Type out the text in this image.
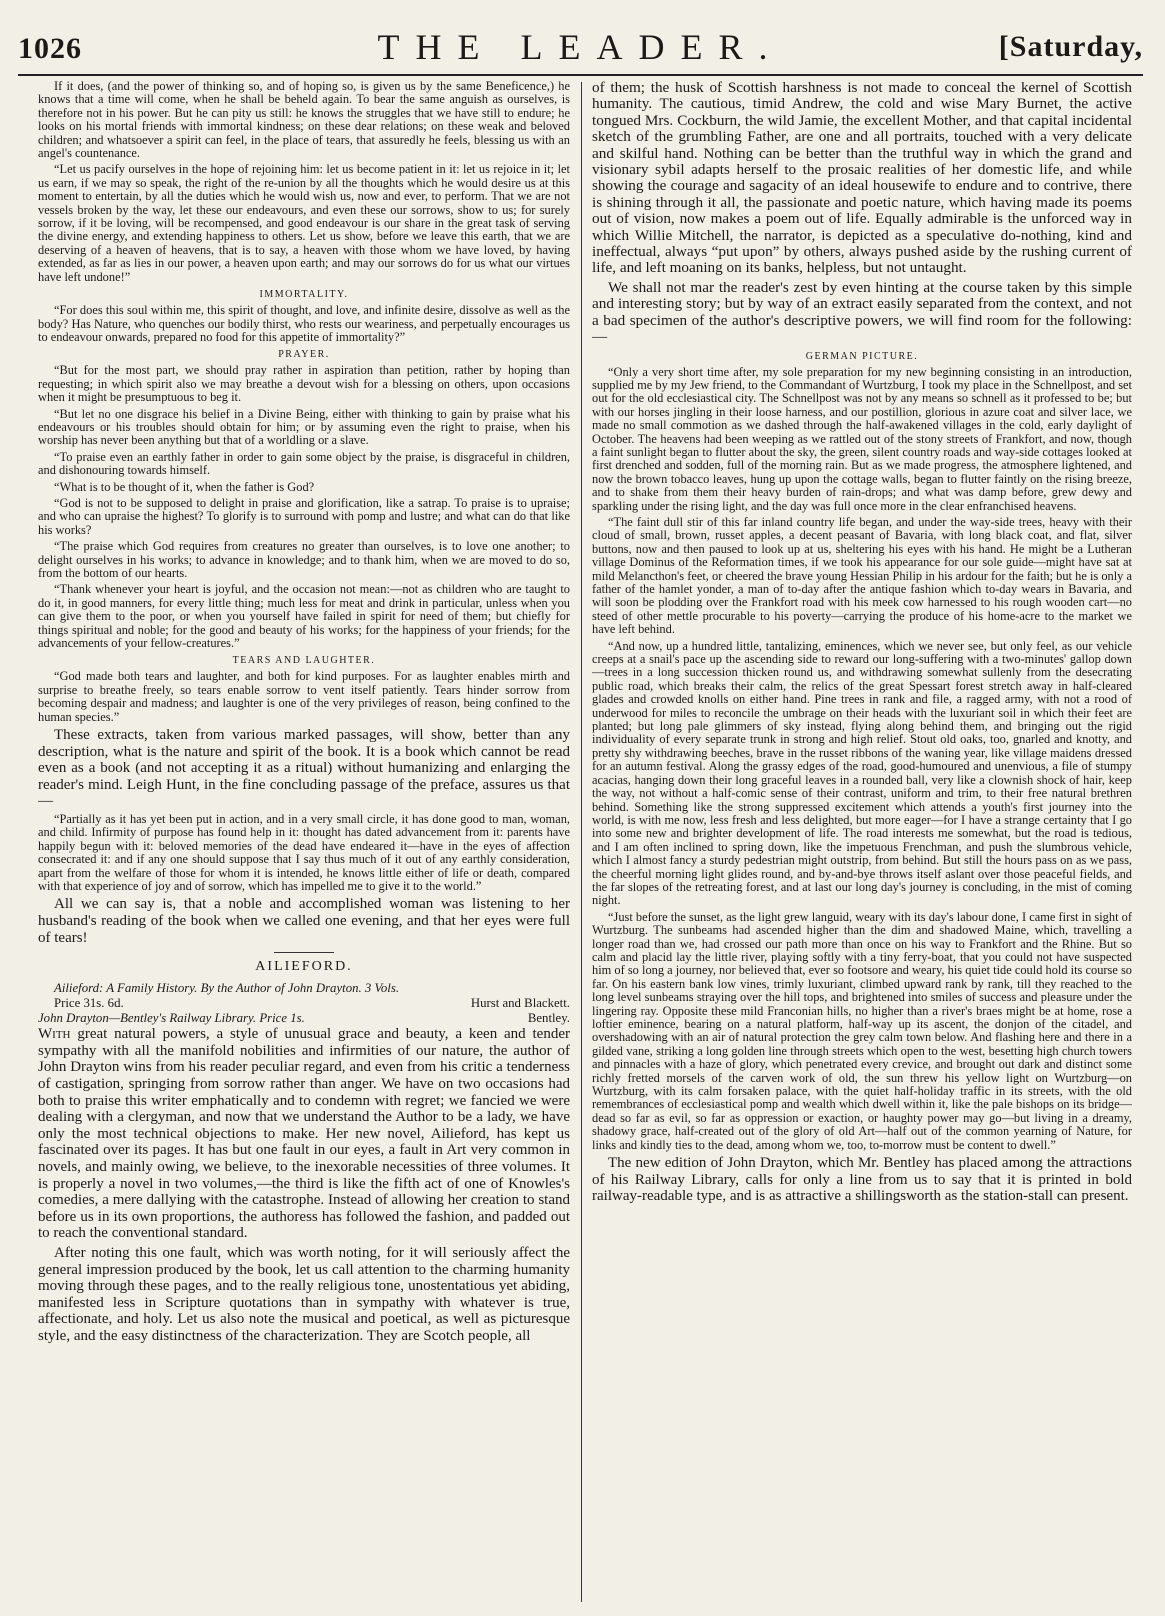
1026	THE LEADER.	[Saturday,

If it does, (and the power of thinking so, and of hoping so, is given us by the same Beneficence,) he knows that a time will come, when he shall be beheld again. To bear the same anguish as ourselves, is therefore not in his power. But he can pity us still: he knows the struggles that we have still to endure; he looks on his mortal friends with immortal kindness; on these dear relations; on these weak and beloved children; and whatsoever a spirit can feel, in the place of tears, that assuredly he feels, blessing us with an angel's countenance.

“Let us pacify ourselves in the hope of rejoining him: let us become patient in it: let us rejoice in it; let us earn, if we may so speak, the right of the re-union by all the thoughts which he would desire us at this moment to entertain, by all the duties which he would wish us, now and ever, to perform. That we are not vessels broken by the way, let these our endeavours, and even these our sorrows, show to us; for surely sorrow, if it be loving, will be recompensed, and good endeavour is our share in the great task of serving the divine energy, and extending happiness to others. Let us show, before we leave this earth, that we are deserving of a heaven of heavens, that is to say, a heaven with those whom we have loved, by having extended, as far as lies in our power, a heaven upon earth; and may our sorrows do for us what our virtues have left undone!”

IMMORTALITY.

“For does this soul within me, this spirit of thought, and love, and infinite desire, dissolve as well as the body? Has Nature, who quenches our bodily thirst, who rests our weariness, and perpetually encourages us to endeavour onwards, prepared no food for this appetite of immortality?”

PRAYER.

“But for the most part, we should pray rather in aspiration than petition, rather by hoping than requesting; in which spirit also we may breathe a devout wish for a blessing on others, upon occasions when it might be presumptuous to beg it.

“But let no one disgrace his belief in a Divine Being, either with thinking to gain by praise what his endeavours or his troubles should obtain for him; or by assuming even the right to praise, when his worship has never been anything but that of a worldling or a slave.

“To praise even an earthly father in order to gain some object by the praise, is disgraceful in children, and dishonouring towards himself.

“What is to be thought of it, when the father is God?

“God is not to be supposed to delight in praise and glorification, like a satrap. To praise is to upraise; and who can upraise the highest? To glorify is to surround with pomp and lustre; and what can do that like his works?

“The praise which God requires from creatures no greater than ourselves, is to love one another; to delight ourselves in his works; to advance in knowledge; and to thank him, when we are moved to do so, from the bottom of our hearts.

“Thank whenever your heart is joyful, and the occasion not mean:—not as children who are taught to do it, in good manners, for every little thing; much less for meat and drink in particular, unless when you can give them to the poor, or when you yourself have failed in spirit for need of them; but chiefly for things spiritual and noble; for the good and beauty of his works; for the happiness of your friends; for the advancements of your fellow-creatures.”

TEARS AND LAUGHTER.

“God made both tears and laughter, and both for kind purposes. For as laughter enables mirth and surprise to breathe freely, so tears enable sorrow to vent itself patiently. Tears hinder sorrow from becoming despair and madness; and laughter is one of the very privileges of reason, being confined to the human species.”

These extracts, taken from various marked passages, will show, better than any description, what is the nature and spirit of the book. It is a book which cannot be read even as a book (and not accepting it as a ritual) without humanizing and enlarging the reader's mind. Leigh Hunt, in the fine concluding passage of the preface, assures us that—

“Partially as it has yet been put in action, and in a very small circle, it has done good to man, woman, and child. Infirmity of purpose has found help in it: thought has dated advancement from it: parents have happily begun with it: beloved memories of the dead have endeared it—have in the eyes of affection consecrated it: and if any one should suppose that I say thus much of it out of any earthly consideration, apart from the welfare of those for whom it is intended, he knows little either of life or death, compared with that experience of joy and of sorrow, which has impelled me to give it to the world.”

All we can say is, that a noble and accomplished woman was listening to her husband's reading of the book when we called one evening, and that her eyes were full of tears!

AILIEFORD.
Ailieford: A Family History. By the Author of John Drayton. 3 Vols.
Price 31s. 6d.	Hurst and Blackett.
John Drayton—Bentley's Railway Library. Price 1s.	Bentley.

With great natural powers, a style of unusual grace and beauty, a keen and tender sympathy with all the manifold nobilities and infirmities of our nature, the author of John Drayton wins from his reader peculiar regard, and even from his critic a tenderness of castigation, springing from sorrow rather than anger. We have on two occasions had both to praise this writer emphatically and to condemn with regret; we fancied we were dealing with a clergyman, and now that we understand the Author to be a lady, we have only the most technical objections to make. Her new novel, Ailieford, has kept us fascinated over its pages. It has but one fault in our eyes, a fault in Art very common in novels, and mainly owing, we believe, to the inexorable necessities of three volumes. It is properly a novel in two volumes,—the third is like the fifth act of one of Knowles's comedies, a mere dallying with the catastrophe. Instead of allowing her creation to stand before us in its own proportions, the authoress has followed the fashion, and padded out to reach the conventional standard.

After noting this one fault, which was worth noting, for it will seriously affect the general impression produced by the book, let us call attention to the charming humanity moving through these pages, and to the really religious tone, unostentatious yet abiding, manifested less in Scripture quotations than in sympathy with whatever is true, affectionate, and holy. Let us also note the musical and poetical, as well as picturesque style, and the easy distinctness of the characterization. They are Scotch people, all

of them; the husk of Scottish harshness is not made to conceal the kernel of Scottish humanity. The cautious, timid Andrew, the cold and wise Mary Burnet, the active tongued Mrs. Cockburn, the wild Jamie, the excellent Mother, and that capital incidental sketch of the grumbling Father, are one and all portraits, touched with a very delicate and skilful hand. Nothing can be better than the truthful way in which the grand and visionary sybil adapts herself to the prosaic realities of her domestic life, and while showing the courage and sagacity of an ideal housewife to endure and to contrive, there is shining through it all, the passionate and poetic nature, which having made its poems out of vision, now makes a poem out of life. Equally admirable is the unforced way in which Willie Mitchell, the narrator, is depicted as a speculative do-nothing, kind and ineffectual, always “put upon” by others, always pushed aside by the rushing current of life, and left moaning on its banks, helpless, but not untaught.

We shall not mar the reader's zest by even hinting at the course taken by this simple and interesting story; but by way of an extract easily separated from the context, and not a bad specimen of the author's descriptive powers, we will find room for the following:—

GERMAN PICTURE.

“Only a very short time after, my sole preparation for my new beginning consisting in an introduction, supplied me by my Jew friend, to the Commandant of Wurtzburg, I took my place in the Schnellpost, and set out for the old ecclesiastical city. The Schnellpost was not by any means so schnell as it professed to be; but with our horses jingling in their loose harness, and our postillion, glorious in azure coat and silver lace, we made no small commotion as we dashed through the half-awakened villages in the cold, early daylight of October. The heavens had been weeping as we rattled out of the stony streets of Frankfort, and now, though a faint sunlight began to flutter about the sky, the green, silent country roads and way-side cottages looked at first drenched and sodden, full of the morning rain. But as we made progress, the atmosphere lightened, and now the brown tobacco leaves, hung up upon the cottage walls, began to flutter faintly on the rising breeze, and to shake from them their heavy burden of rain-drops; and what was damp before, grew dewy and sparkling under the rising light, and the day was full once more in the clear enfranchised heavens.

“The faint dull stir of this far inland country life began, and under the way-side trees, heavy with their cloud of small, brown, russet apples, a decent peasant of Bavaria, with long black coat, and flat, silver buttons, now and then paused to look up at us, sheltering his eyes with his hand. He might be a Lutheran village Dominus of the Reformation times, if we took his appearance for our sole guide—might have sat at mild Melancthon's feet, or cheered the brave young Hessian Philip in his ardour for the faith; but he is only a father of the hamlet yonder, a man of to-day after the antique fashion which to-day wears in Bavaria, and will soon be plodding over the Frankfort road with his meek cow harnessed to his rough wooden cart—no steed of other mettle procurable to his poverty—carrying the produce of his home-acre to the market we have left behind.

“And now, up a hundred little, tantalizing, eminences, which we never see, but only feel, as our vehicle creeps at a snail's pace up the ascending side to reward our long-suffering with a two-minutes' gallop down—trees in a long succession thicken round us, and withdrawing somewhat sullenly from the desecrating public road, which breaks their calm, the relics of the great Spessart forest stretch away in half-cleared glades and crowded knolls on either hand. Pine trees in rank and file, a ragged army, with not a rood of underwood for miles to reconcile the umbrage on their heads with the luxuriant soil in which their feet are planted; but long pale glimmers of sky instead, flying along behind them, and bringing out the rigid individuality of every separate trunk in strong and high relief. Stout old oaks, too, gnarled and knotty, and pretty shy withdrawing beeches, brave in the russet ribbons of the waning year, like village maidens dressed for an autumn festival. Along the grassy edges of the road, good-humoured and unenvious, a file of stumpy acacias, hanging down their long graceful leaves in a rounded ball, very like a clownish shock of hair, keep the way, not without a half-comic sense of their contrast, uniform and trim, to their free natural brethren behind. Something like the strong suppressed excitement which attends a youth's first journey into the world, is with me now, less fresh and less delighted, but more eager—for I have a strange certainty that I go into some new and brighter development of life. The road interests me somewhat, but the road is tedious, and I am often inclined to spring down, like the impetuous Frenchman, and push the slumbrous vehicle, which I almost fancy a sturdy pedestrian might outstrip, from behind. But still the hours pass on as we pass, the cheerful morning light glides round, and by-and-bye throws itself aslant over those peaceful fields, and the far slopes of the retreating forest, and at last our long day's journey is concluding, in the mist of coming night.

“Just before the sunset, as the light grew languid, weary with its day's labour done, I came first in sight of Wurtzburg. The sunbeams had ascended higher than the dim and shadowed Maine, which, travelling a longer road than we, had crossed our path more than once on his way to Frankfort and the Rhine. But so calm and placid lay the little river, playing softly with a tiny ferry-boat, that you could not have suspected him of so long a journey, nor believed that, ever so footsore and weary, his quiet tide could hold its course so far. On his eastern bank low vines, trimly luxuriant, climbed upward rank by rank, till they reached to the long level sunbeams straying over the hill tops, and brightened into smiles of success and pleasure under the lingering ray. Opposite these mild Franconian hills, no higher than a river's braes might be at home, rose a loftier eminence, bearing on a natural platform, half-way up its ascent, the donjon of the citadel, and overshadowing with an air of natural protection the grey calm town below. And flashing here and there in a gilded vane, striking a long golden line through streets which open to the west, besetting high church towers and pinnacles with a haze of glory, which penetrated every crevice, and brought out dark and distinct some richly fretted morsels of the carven work of old, the sun threw his yellow light on Wurtzburg—on Wurtzburg, with its calm forsaken palace, with the quiet half-holiday traffic in its streets, with the old remembrances of ecclesiastical pomp and wealth which dwell within it, like the pale bishops on its bridge—dead so far as evil, so far as oppression or exaction, or haughty power may go—but living in a dreamy, shadowy grace, half-created out of the glory of old Art—half out of the common yearning of Nature, for links and kindly ties to the dead, among whom we, too, to-morrow must be content to dwell.”

The new edition of John Drayton, which Mr. Bentley has placed among the attractions of his Railway Library, calls for only a line from us to say that it is printed in bold railway-readable type, and is as attractive a shillingsworth as the station-stall can present.
